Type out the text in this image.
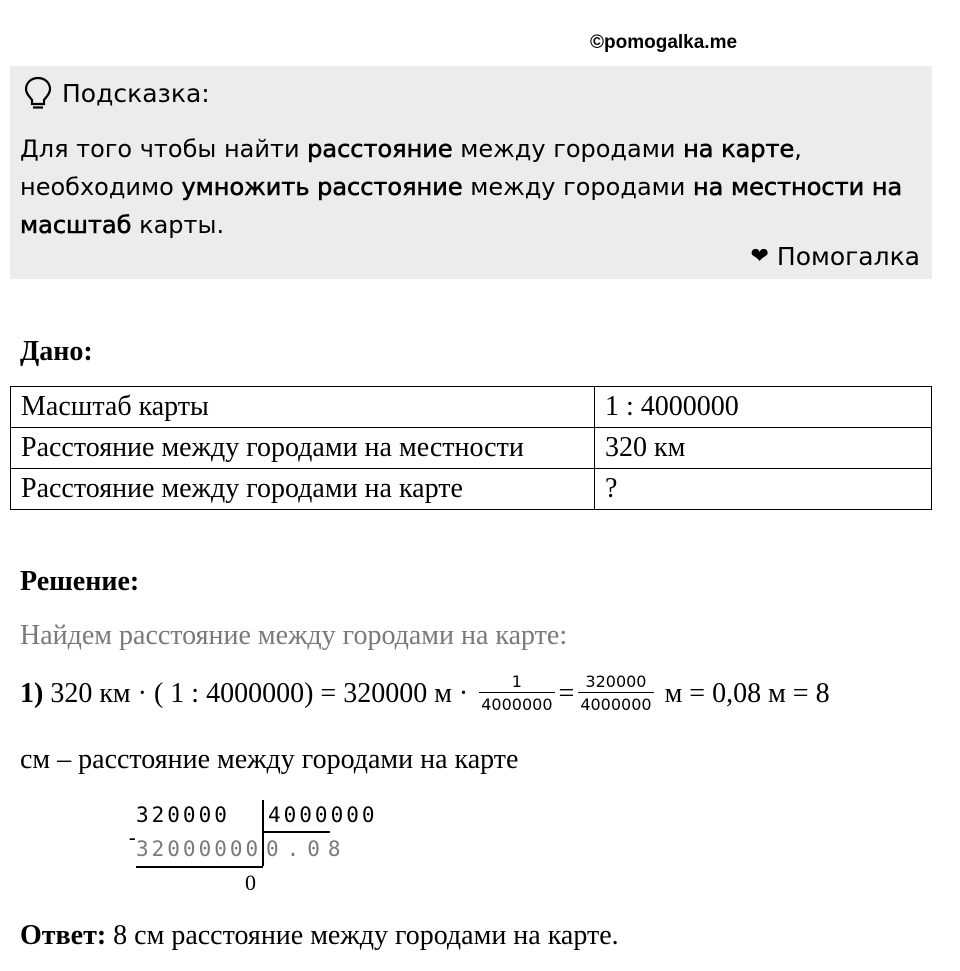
©pomogalka.me
Подсказка:
Для того чтобы найти расстояние между городами на карте,
необходимо умножить расстояние между городами на местности на
масштаб карты.
❤ Помогалка
Дано:
Масштаб карты	1 : 4000000
Расстояние между городами на местности	320 км
Расстояние между городами на карте	?
Решение:
Найдем расстояние между городами на карте:
1) 320 км · ( 1 : 4000000) = 320000 $м \cdot \frac{1}{4000000} = \frac{320000}{4000000}$ м = 0,08 м = 8
см – расстояние между городами на карте
320000 4000000
-
32000000 0.08
0
Ответ: 8 см расстояние между городами на карте.
